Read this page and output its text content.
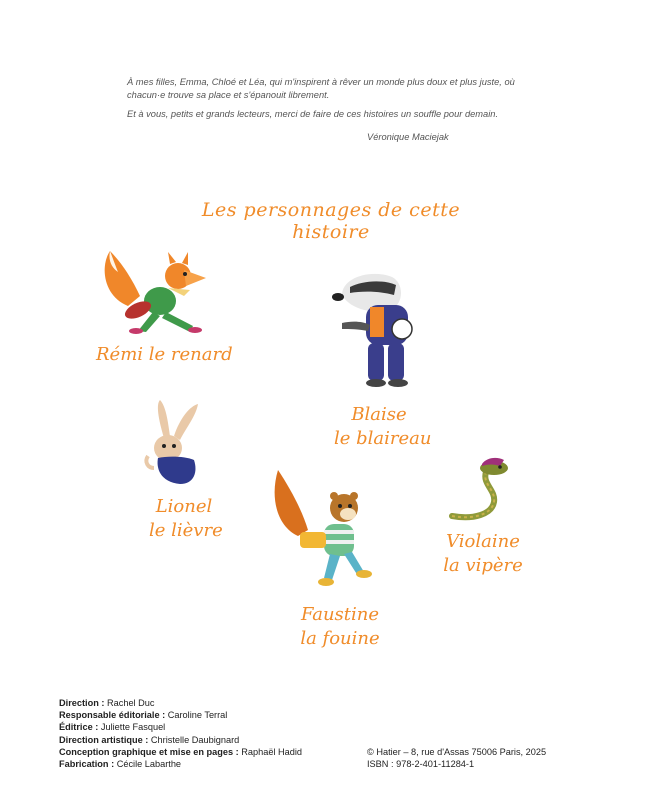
À mes filles, Emma, Chloé et Léa, qui m'inspirent à rêver un monde plus doux et plus juste, où chacun·e trouve sa place et s'épanouit librement.

Et à vous, petits et grands lecteurs, merci de faire de ces histoires un souffle pour demain.

Véronique Maciejak
Les personnages de cette histoire
Rémi le renard
Blaise
le blaireau
Lionel
le lièvre
Violaine
la vipère
Faustine
la fouine
Direction : Rachel Duc
Responsable éditoriale : Caroline Terral
Éditrice : Juliette Fasquel
Direction artistique : Christelle Daubignard
Conception graphique et mise en pages : Raphaël Hadid
Fabrication : Cécile Labarthe
© Hatier – 8, rue d'Assas 75006 Paris, 2025
ISBN : 978-2-401-11284-1
